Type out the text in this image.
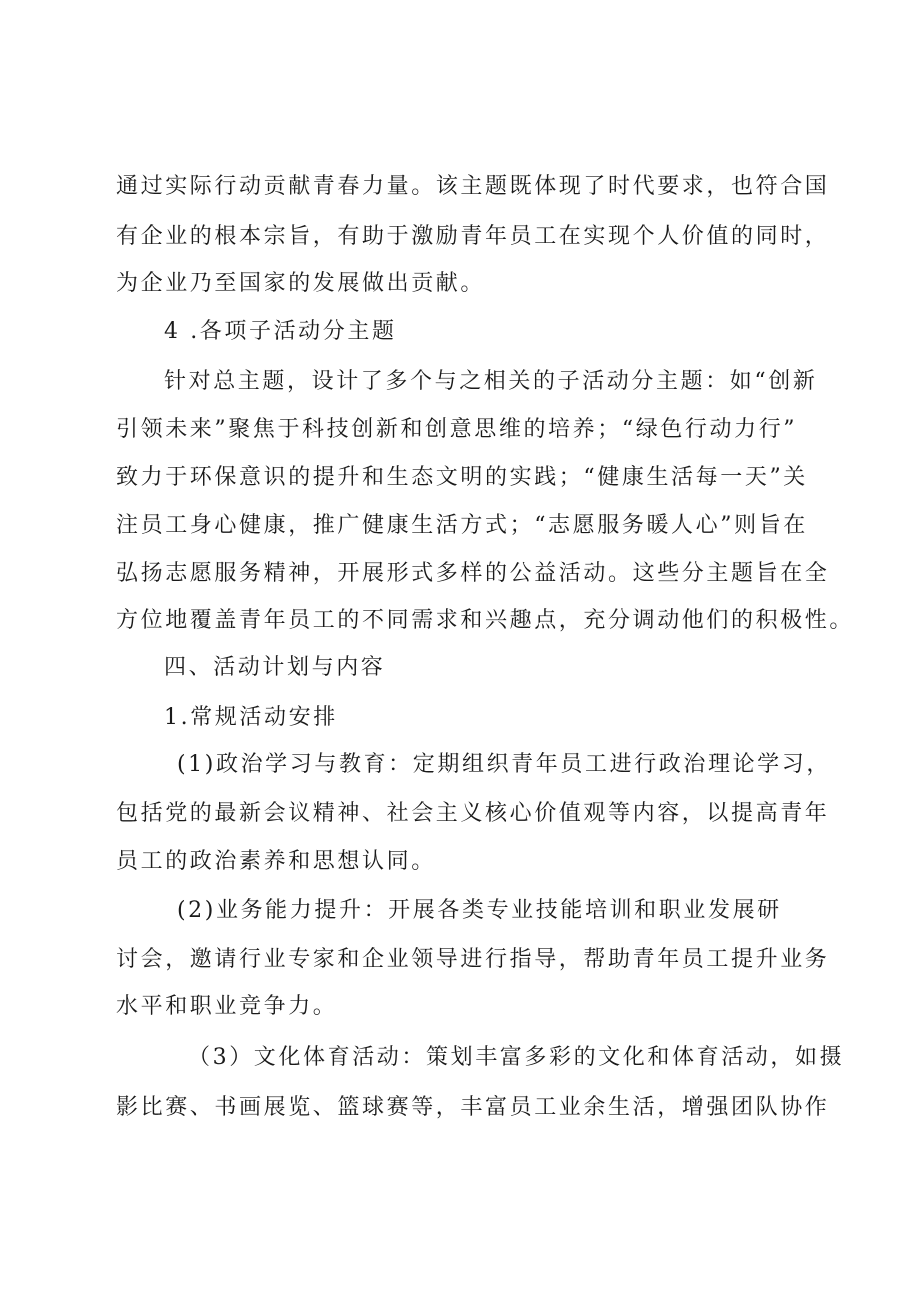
通过实际行动贡献青春力量。该主题既体现了时代要求，也符合国
有企业的根本宗旨，有助于激励青年员工在实现个人价值的同时，
为企业乃至国家的发展做出贡献。
4 .各项子活动分主题
针对总主题，设计了多个与之相关的子活动分主题：如“创新
引领未来”聚焦于科技创新和创意思维的培养；“绿色行动力行”
致力于环保意识的提升和生态文明的实践；“健康生活每一天”关
注员工身心健康，推广健康生活方式；“志愿服务暖人心”则旨在
弘扬志愿服务精神，开展形式多样的公益活动。这些分主题旨在全
方位地覆盖青年员工的不同需求和兴趣点，充分调动他们的积极性。
四、活动计划与内容
1.常规活动安排
(1)政治学习与教育：定期组织青年员工进行政治理论学习，
包括党的最新会议精神、社会主义核心价值观等内容，以提高青年
员工的政治素养和思想认同。
(2)业务能力提升：开展各类专业技能培训和职业发展研
讨会，邀请行业专家和企业领导进行指导，帮助青年员工提升业务
水平和职业竞争力。
（3）文化体育活动：策划丰富多彩的文化和体育活动，如摄
影比赛、书画展览、篮球赛等，丰富员工业余生活，增强团队协作
